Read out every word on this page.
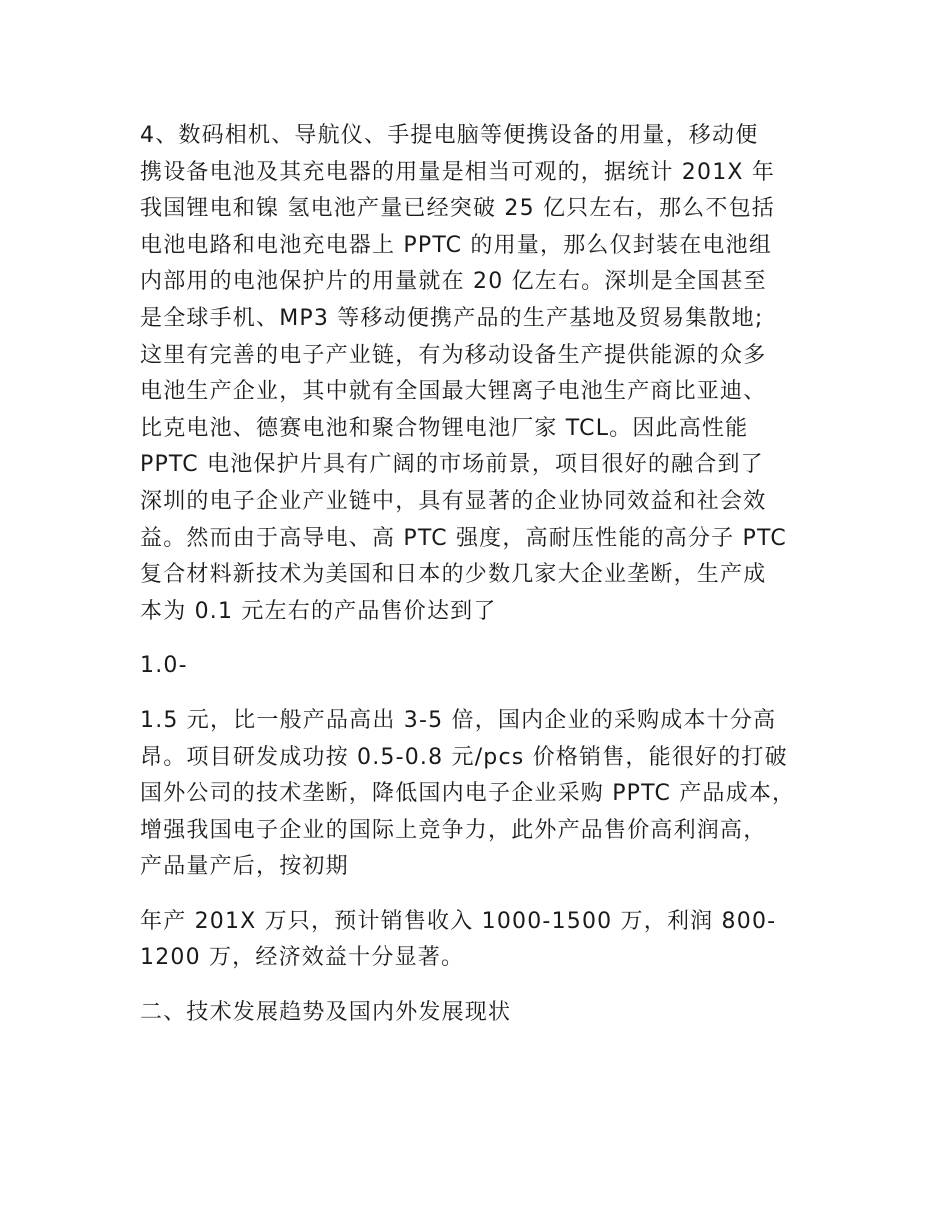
4、数码相机、导航仪、手提电脑等便携设备的用量，移动便
携设备电池及其充电器的用量是相当可观的，据统计 201X 年
我国锂电和镍 氢电池产量已经突破 25 亿只左右，那么不包括
电池电路和电池充电器上 PPTC 的用量，那么仅封装在电池组
内部用的电池保护片的用量就在 20 亿左右。深圳是全国甚至
是全球手机、MP3 等移动便携产品的生产基地及贸易集散地;
这里有完善的电子产业链，有为移动设备生产提供能源的众多
电池生产企业，其中就有全国最大锂离子电池生产商比亚迪、
比克电池、德赛电池和聚合物锂电池厂家 TCL。因此高性能
PPTC 电池保护片具有广阔的市场前景，项目很好的融合到了
深圳的电子企业产业链中，具有显著的企业协同效益和社会效
益。然而由于高导电、高 PTC 强度，高耐压性能的高分子 PTC
复合材料新技术为美国和日本的少数几家大企业垄断，生产成
本为 0.1 元左右的产品售价达到了

1.0-

1.5 元，比一般产品高出 3-5 倍，国内企业的采购成本十分高
昂。项目研发成功按 0.5-0.8 元/pcs 价格销售，能很好的打破
国外公司的技术垄断，降低国内电子企业采购 PPTC 产品成本，
增强我国电子企业的国际上竞争力，此外产品售价高利润高，
产品量产后，按初期

年产 201X 万只，预计销售收入 1000-1500 万，利润 800-
1200 万，经济效益十分显著。

二、技术发展趋势及国内外发展现状
